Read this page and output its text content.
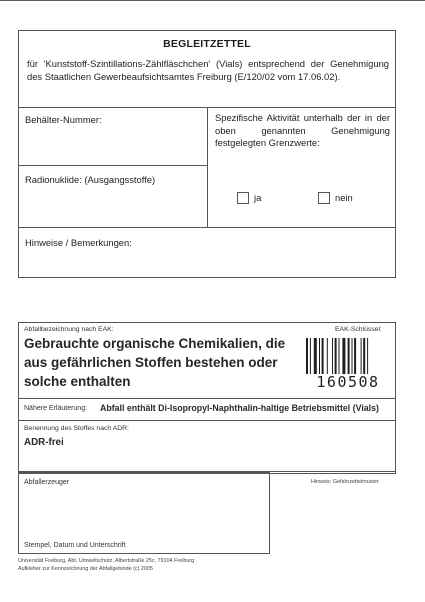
BEGLEITZETTEL
für 'Kunststoff-Szintillations-Zählfläschchen' (Vials) entsprechend der Genehmigung des Staatlichen Gewerbeaufsichtsamtes Freiburg (E/120/02 vom 17.06.02).
Behälter-Nummer:
Radionuklide: (Ausgangsstoffe)
Spezifische Aktivität unterhalb der in der oben genannten Genehmigung festgelegten Grenzwerte:
ja	nein
Hinweise / Bemerkungen:
Abfallbezeichnung nach EAK:	EAK-Schlüssel:
Gebrauchte organische Chemikalien, die aus gefährlichen Stoffen bestehen oder solche enthalten	160508
Nähere Erläuterung: Abfall enthält Di-Isopropyl-Naphthalin-haltige Betriebsmittel (Vials)
Benennung des Stoffes nach ADR:
ADR-frei
Abfallerzeuger
Stempel, Datum und Unterschrift
Hinweis: Gefahrzettelmuster
Universität Freiburg, Abt. Umweltschutz, Albertstraße 25c, 79104 Freiburg
Aufkleber zur Kennzeichnung der Abfallgebinde (c) 2005
